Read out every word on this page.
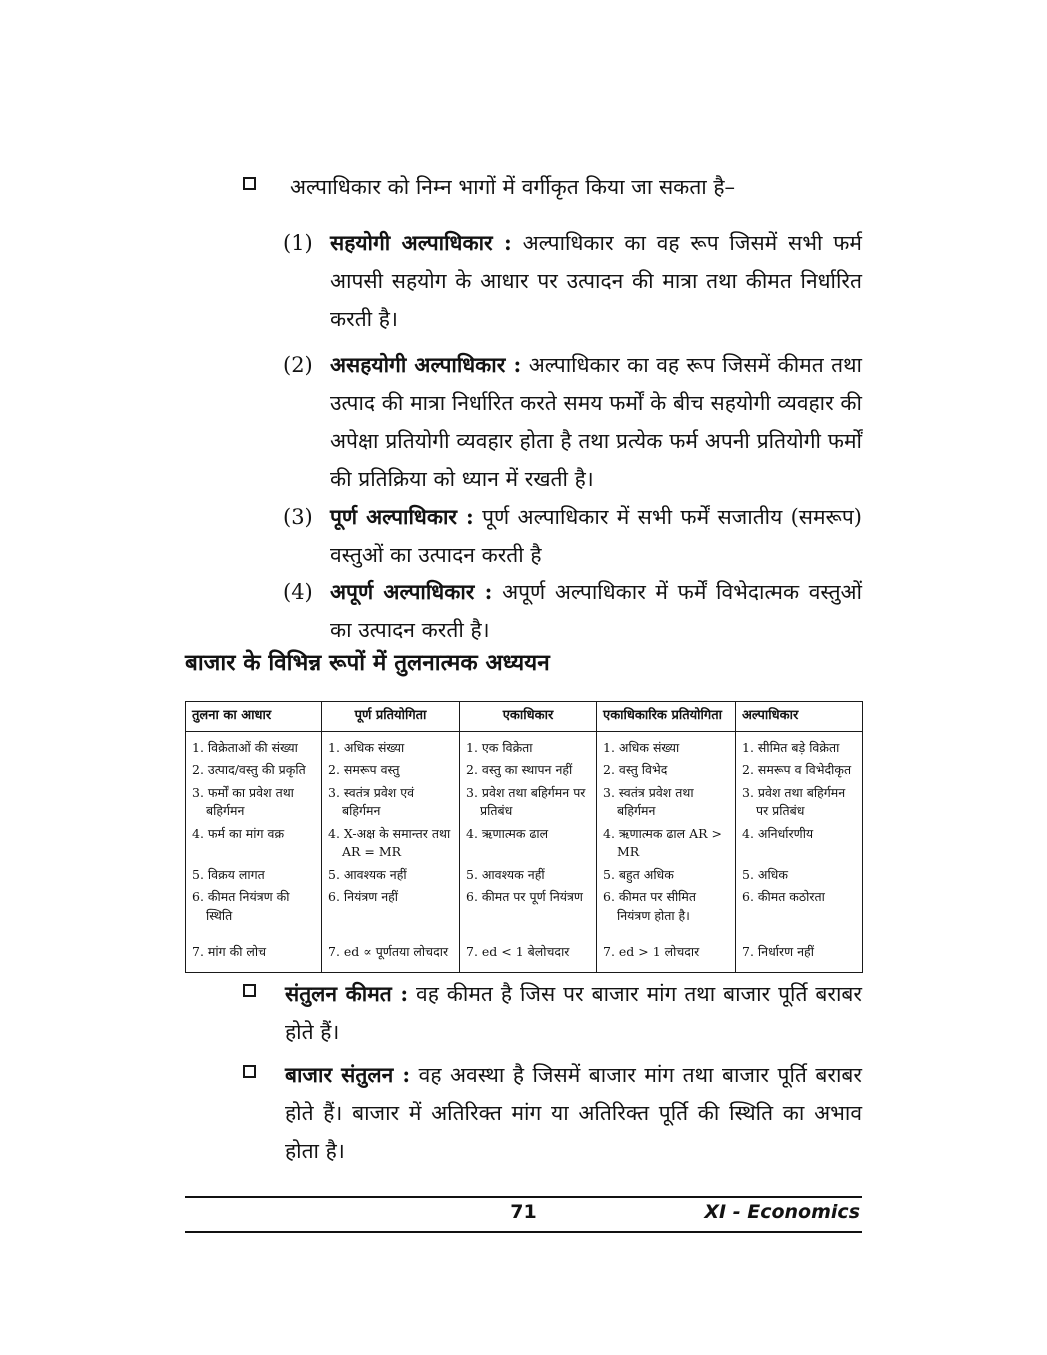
अल्पाधिकार को निम्न भागों में वर्गीकृत किया जा सकता है–
(1) सहयोगी अल्पाधिकार : अल्पाधिकार का वह रूप जिसमें सभी फर्म आपसी सहयोग के आधार पर उत्पादन की मात्रा तथा कीमत निर्धारित करती है।
(2) असहयोगी अल्पाधिकार : अल्पाधिकार का वह रूप जिसमें कीमत तथा उत्पाद की मात्रा निर्धारित करते समय फर्मों के बीच सहयोगी व्यवहार की अपेक्षा प्रतियोगी व्यवहार होता है तथा प्रत्येक फर्म अपनी प्रतियोगी फर्मों की प्रतिक्रिया को ध्यान में रखती है।
(3) पूर्ण अल्पाधिकार : पूर्ण अल्पाधिकार में सभी फर्में सजातीय (समरूप) वस्तुओं का उत्पादन करती है
(4) अपूर्ण अल्पाधिकार : अपूर्ण अल्पाधिकार में फर्में विभेदात्मक वस्तुओं का उत्पादन करती है।
बाजार के विभिन्न रूपों में तुलनात्मक अध्ययन
तुलना का आधार	पूर्ण प्रतियोगिता	एकाधिकार	एकाधिकारिक प्रतियोगिता	अल्पाधिकार
1. विक्रेताओं की संख्या	1. अधिक संख्या	1. एक विक्रेता	1. अधिक संख्या	1. सीमित बड़े विक्रेता
2. उत्पाद/वस्तु की प्रकृति	2. समरूप वस्तु	2. वस्तु का स्थापन नहीं	2. वस्तु विभेद	2. समरूप व विभेदीकृत
3. फर्मों का प्रवेश तथा बहिर्गमन	3. स्वतंत्र प्रवेश एवं बहिर्गमन	3. प्रवेश तथा बहिर्गमन पर प्रतिबंध	3. स्वतंत्र प्रवेश तथा बहिर्गमन	3. प्रवेश तथा बहिर्गमन पर प्रतिबंध
4. फर्म का मांग वक्र	4. X-अक्ष के समान्तर तथा AR = MR	4. ऋणात्मक ढाल	4. ऋणात्मक ढाल AR > MR	4. अनिर्धारणीय
5. विक्रय लागत	5. आवश्यक नहीं	5. आवश्यक नहीं	5. बहुत अधिक	5. अधिक
6. कीमत नियंत्रण की स्थिति	6. नियंत्रण नहीं	6. कीमत पर पूर्ण नियंत्रण	6. कीमत पर सीमित नियंत्रण होता है।	6. कीमत कठोरता
7. मांग की लोच	7. ed ∝ पूर्णतया लोचदार	7. ed < 1 बेलोचदार	7. ed > 1 लोचदार	7. निर्धारण नहीं
संतुलन कीमत : वह कीमत है जिस पर बाजार मांग तथा बाजार पूर्ति बराबर होते हैं।
बाजार संतुलन : वह अवस्था है जिसमें बाजार मांग तथा बाजार पूर्ति बराबर होते हैं। बाजार में अतिरिक्त मांग या अतिरिक्त पूर्ति की स्थिति का अभाव होता है।
71	XI - Economics
